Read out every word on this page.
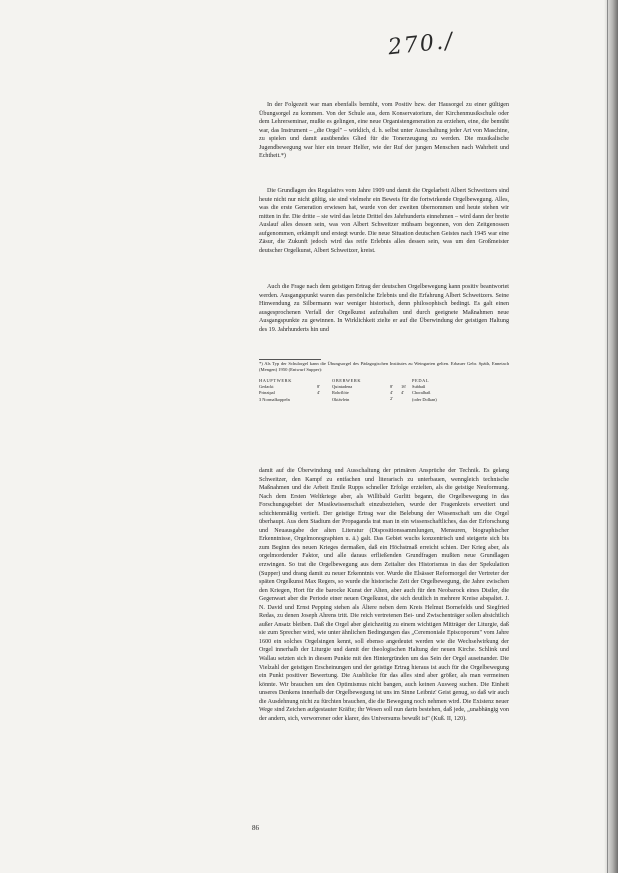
270./

In der Folgezeit war man ebenfalls bemüht, vom Positiv bzw. der Hausorgel zu einer gültigen Übungsorgel zu kommen. Von der Schule aus, dem Konservatorium, der Kirchenmusikschule oder dem Lehrerseminar, mußte es gelingen, eine neue Organistengeneration zu erziehen, eine, die bemüht war, das Instrument – „die Orgel" – wirklich, d. h. selbst unter Ausschaltung jeder Art von Maschine, zu spielen und damit ausübendes Glied für die Tonerzeugung zu werden. Die musikalische Jugendbewegung war hier ein treuer Helfer, wie der Ruf der jungen Menschen nach Wahrheit und Echtheit.*)

Die Grundlagen des Regulativs vom Jahre 1909 und damit die Orgelarbeit Albert Schweitzers sind heute nicht nur nicht gültig, sie sind vielmehr ein Beweis für die fortwirkende Orgelbewegung. Alles, was die erste Generation erwiesen hat, wurde von der zweiten übernommen und heute stehen wir mitten in ihr. Die dritte – sie wird das letzte Drittel des Jahrhunderts einnehmen – wird dann der breite Auslauf alles dessen sein, was von Albert Schweitzer mühsam begonnen, von den Zeitgenossen aufgenommen, erkämpft und erstegt wurde. Die neue Situation deutschen Geistes nach 1945 war eine Zäsur, die Zukunft jedoch wird das reife Erlebnis alles dessen sein, was um den Großmeister deutscher Orgelkunst, Albert Schweitzer, kreist.

Auch die Frage nach dem geistigen Ertrag der deutschen Orgelbewegung kann positiv beantwortet werden. Ausgangspunkt waren das persönliche Erlebnis und die Erfahrung Albert Schweitzers. Seine Hinwendung zu Silbermann war weniger historisch, denn philosophisch bedingt. Es galt einen ausgesprochenen Verfall der Orgelkunst aufzuhalten und durch geeignete Maßnahmen neue Ausgangspunkte zu gewinnen. In Wirklichkeit zielte er auf die Überwindung der geistigen Haltung des 19. Jahrhunderts hin und

*) Als Typ der Schulorgel kann die Übungsorgel des Pädagogischen Institutes zu Weingarten gelten. Erbauer Gebr. Späth, Ennetach (Mengen) 1950 (Entwurf Supper):

HAUPTWERK
Gedackt
Prinzipal
3 Normalkoppeln
8'
4'
OBERWERK
Quintadena
Rohrflöte
Oktävlein
8'
4'
2'
PEDAL
Subbaß
Choralbaß
(oder Dolkan)
16'
4'

damit auf die Überwindung und Ausschaltung der primären Ansprüche der Technik. Es gelang Schweitzer, den Kampf zu entfachen und literarisch zu unterbauen, wenngleich technische Maßnahmen und die Arbeit Emile Rupps schneller Erfolge erzielten, als die geistige Neuformung. Nach dem Ersten Weltkriege aber, als Willibald Gurlitt begann, die Orgelbewegung in das Forschungsgebiet der Musikwissenschaft einzubeziehen, wurde der Fragenkreis erweitert und schichtenmäßig vertieft. Der geistige Ertrag war die Belebung der Wissenschaft um die Orgel überhaupt. Aus dem Stadium der Propaganda trat man in ein wissenschaftliches, das der Erforschung und Neuausgabe der alten Literatur (Dispositionssammlungen, Mensuren, biographischer Erkenntnisse, Orgelmonographien u. ä.) galt. Das Gebiet wuchs konzentrisch und steigerte sich bis zum Beginn des neuen Krieges dermaßen, daß ein Höchstmaß erreicht schien. Der Krieg aber, als orgelmordender Faktor, und alle daraus erfließenden Grundfragen mußten neue Grundlagen erzwingen. So trat die Orgelbewegung aus dem Zeitalter des Historismus in das der Spekulation (Supper) und drang damit zu neuer Erkenntnis vor. Wurde die Elsässer Reformorgel der Vertreter der späten Orgelkunst Max Regers, so wurde die historische Zeit der Orgelbewegung, die Jahre zwischen den Kriegen, Hort für die barocke Kunst der Alten, aber auch für den Neobarock eines Distler, die Gegenwart aber die Periode einer neuen Orgelkunst, die sich deutlich in mehrere Kreise abspaltet. J. N. David und Ernst Pepping stehen als Ältere neben dem Kreis Helmut Bornefelds und Siegfried Redas, zu denen Joseph Ahrens tritt. Die reich vertretenen Bei- und Zwischenträger sollen absichtlich außer Ansatz bleiben. Daß die Orgel aber gleichzeitig zu einem wichtigen Mitträger der Liturgie, daß sie zum Sprecher wird, wie unter ähnlichen Bedingungen das „Ceremoniale Episcoporum" vom Jahre 1600 ein solches Orgelsingen kennt, soll ebenso angedeutet werden wie die Wechselwirkung der Orgel innerhalb der Liturgie und damit der theologischen Haltung der neuen Kirche. Schlink und Wallau setzten sich in diesem Punkte mit den Hintergründen um das Sein der Orgel auseinander. Die Vielzahl der geistigen Erscheinungen und der geistige Ertrag hieraus ist auch für die Orgelbewegung ein Punkt positiver Bewertung. Die Ausblicke für das alles sind aber größer, als man vermeinen könnte. Wir brauchen um den Optimismus nicht bangen, auch keinen Ausweg suchen. Die Einheit unseres Denkens innerhalb der Orgelbewegung ist uns im Sinne Leibniz' Geist genug, so daß wir auch die Ausdehnung nicht zu fürchten brauchen, die die Bewegung noch nehmen wird. Die Existenz neuer Wege sind Zeichen aufgestauter Kräfte; ihr Wesen soll nun darin bestehen, daß jede, „unabhängig von der andern, sich, verworrener oder klarer, des Universums bewußt ist" (Kuß. II, 120).

86
